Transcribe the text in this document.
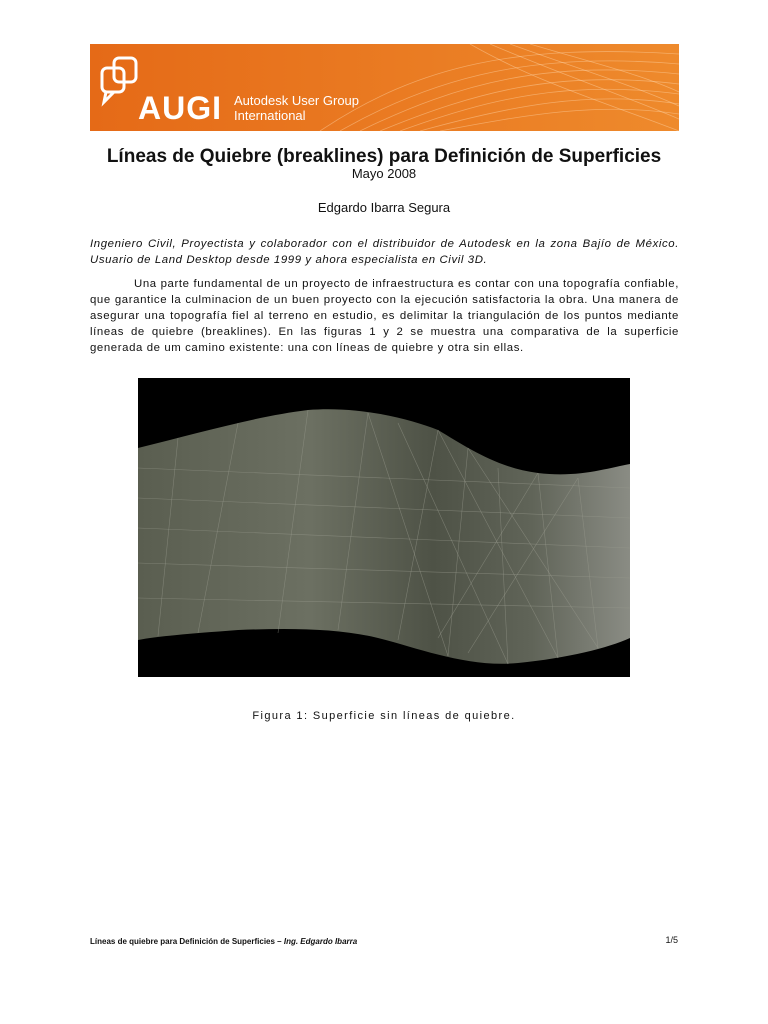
AUGI Autodesk User Group
International
Líneas de Quiebre (breaklines) para Definición de Superficies
Mayo 2008
Edgardo Ibarra Segura
Ingeniero Civil, Proyectista y colaborador con el distribuidor de Autodesk en la zona Bajío de México. Usuario de Land Desktop desde 1999 y ahora especialista en Civil 3D.
Una parte fundamental de un proyecto de infraestructura es contar con una topografía confiable, que garantice la culminacion de un buen proyecto con la ejecución satisfactoria la obra. Una manera de asegurar una topografía fiel al terreno en estudio, es delimitar la triangulación de los puntos mediante líneas de quiebre (breaklines). En las figuras 1 y 2 se muestra una comparativa de la superficie generada de um camino existente: una con líneas de quiebre y otra sin ellas.
Figura 1: Superficie sin líneas de quiebre.
Líneas de quiebre para Definición de Superficies – Ing. Edgardo Ibarra	1/5
